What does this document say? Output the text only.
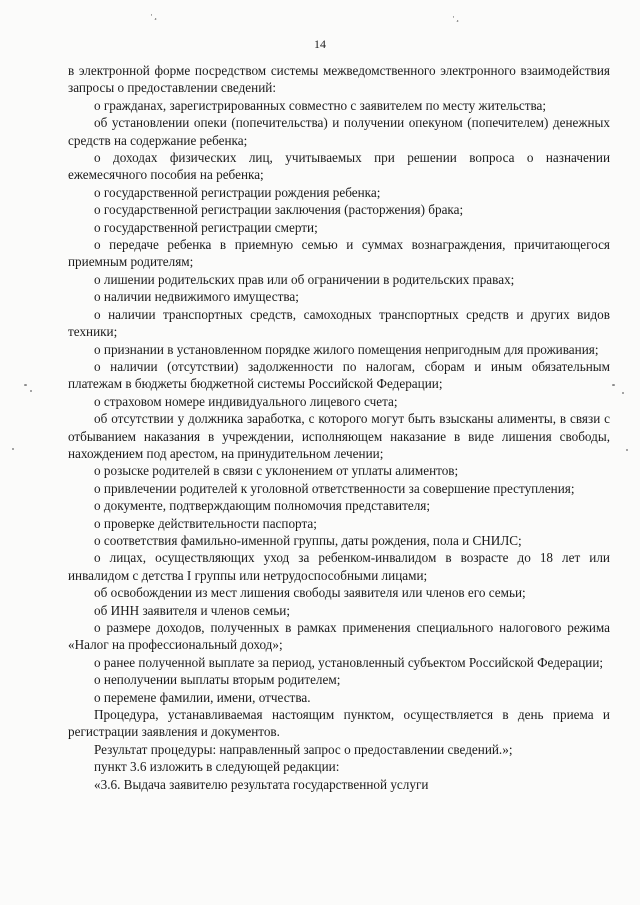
·¸	·¸
14

в электронной форме посредством системы межведомственного электронного взаимодействия запросы о предоставлении сведений:

о гражданах, зарегистрированных совместно с заявителем по месту жительства;

об установлении опеки (попечительства) и получении опекуном (попечителем) денежных средств на содержание ребенка;

о доходах физических лиц, учитываемых при решении вопроса о назначении ежемесячного пособия на ребенка;

о государственной регистрации рождения ребенка;

о государственной регистрации заключения (расторжения) брака;

о государственной регистрации смерти;

о передаче ребенка в приемную семью и суммах вознаграждения, причитающегося приемным родителям;

о лишении родительских прав или об ограничении в родительских правах;

о наличии недвижимого имущества;

о наличии транспортных средств, самоходных транспортных средств и других видов техники;

о признании в установленном порядке жилого помещения непригодным для проживания;

о наличии (отсутствии) задолженности по налогам, сборам и иным обязательным платежам в бюджеты бюджетной системы Российской Федерации;

о страховом номере индивидуального лицевого счета;

об отсутствии у должника заработка, с которого могут быть взысканы алименты, в связи с отбыванием наказания в учреждении, исполняющем наказание в виде лишения свободы, нахождением под арестом, на принудительном лечении;

о розыске родителей в связи с уклонением от уплаты алиментов;

о привлечении родителей к уголовной ответственности за совершение преступления;

о документе, подтверждающим полномочия представителя;

о проверке действительности паспорта;

о соответствия фамильно-именной группы, даты рождения, пола и СНИЛС;

о лицах, осуществляющих уход за ребенком-инвалидом в возрасте до 18 лет или инвалидом с детства I группы или нетрудоспособными лицами;

об освобождении из мест лишения свободы заявителя или членов его семьи;

об ИНН заявителя и членов семьи;

о размере доходов, полученных в рамках применения специального налогового режима «Налог на профессиональный доход»;

о ранее полученной выплате за период, установленный субъектом Российской Федерации;

о неполучении выплаты вторым родителем;

о перемене фамилии, имени, отчества.

Процедура, устанавливаемая настоящим пунктом, осуществляется в день приема и регистрации заявления и документов.

Результат процедуры: направленный запрос о предоставлении сведений.»;

пункт 3.6 изложить в следующей редакции:

«3.6. Выдача заявителю результата государственной услуги
